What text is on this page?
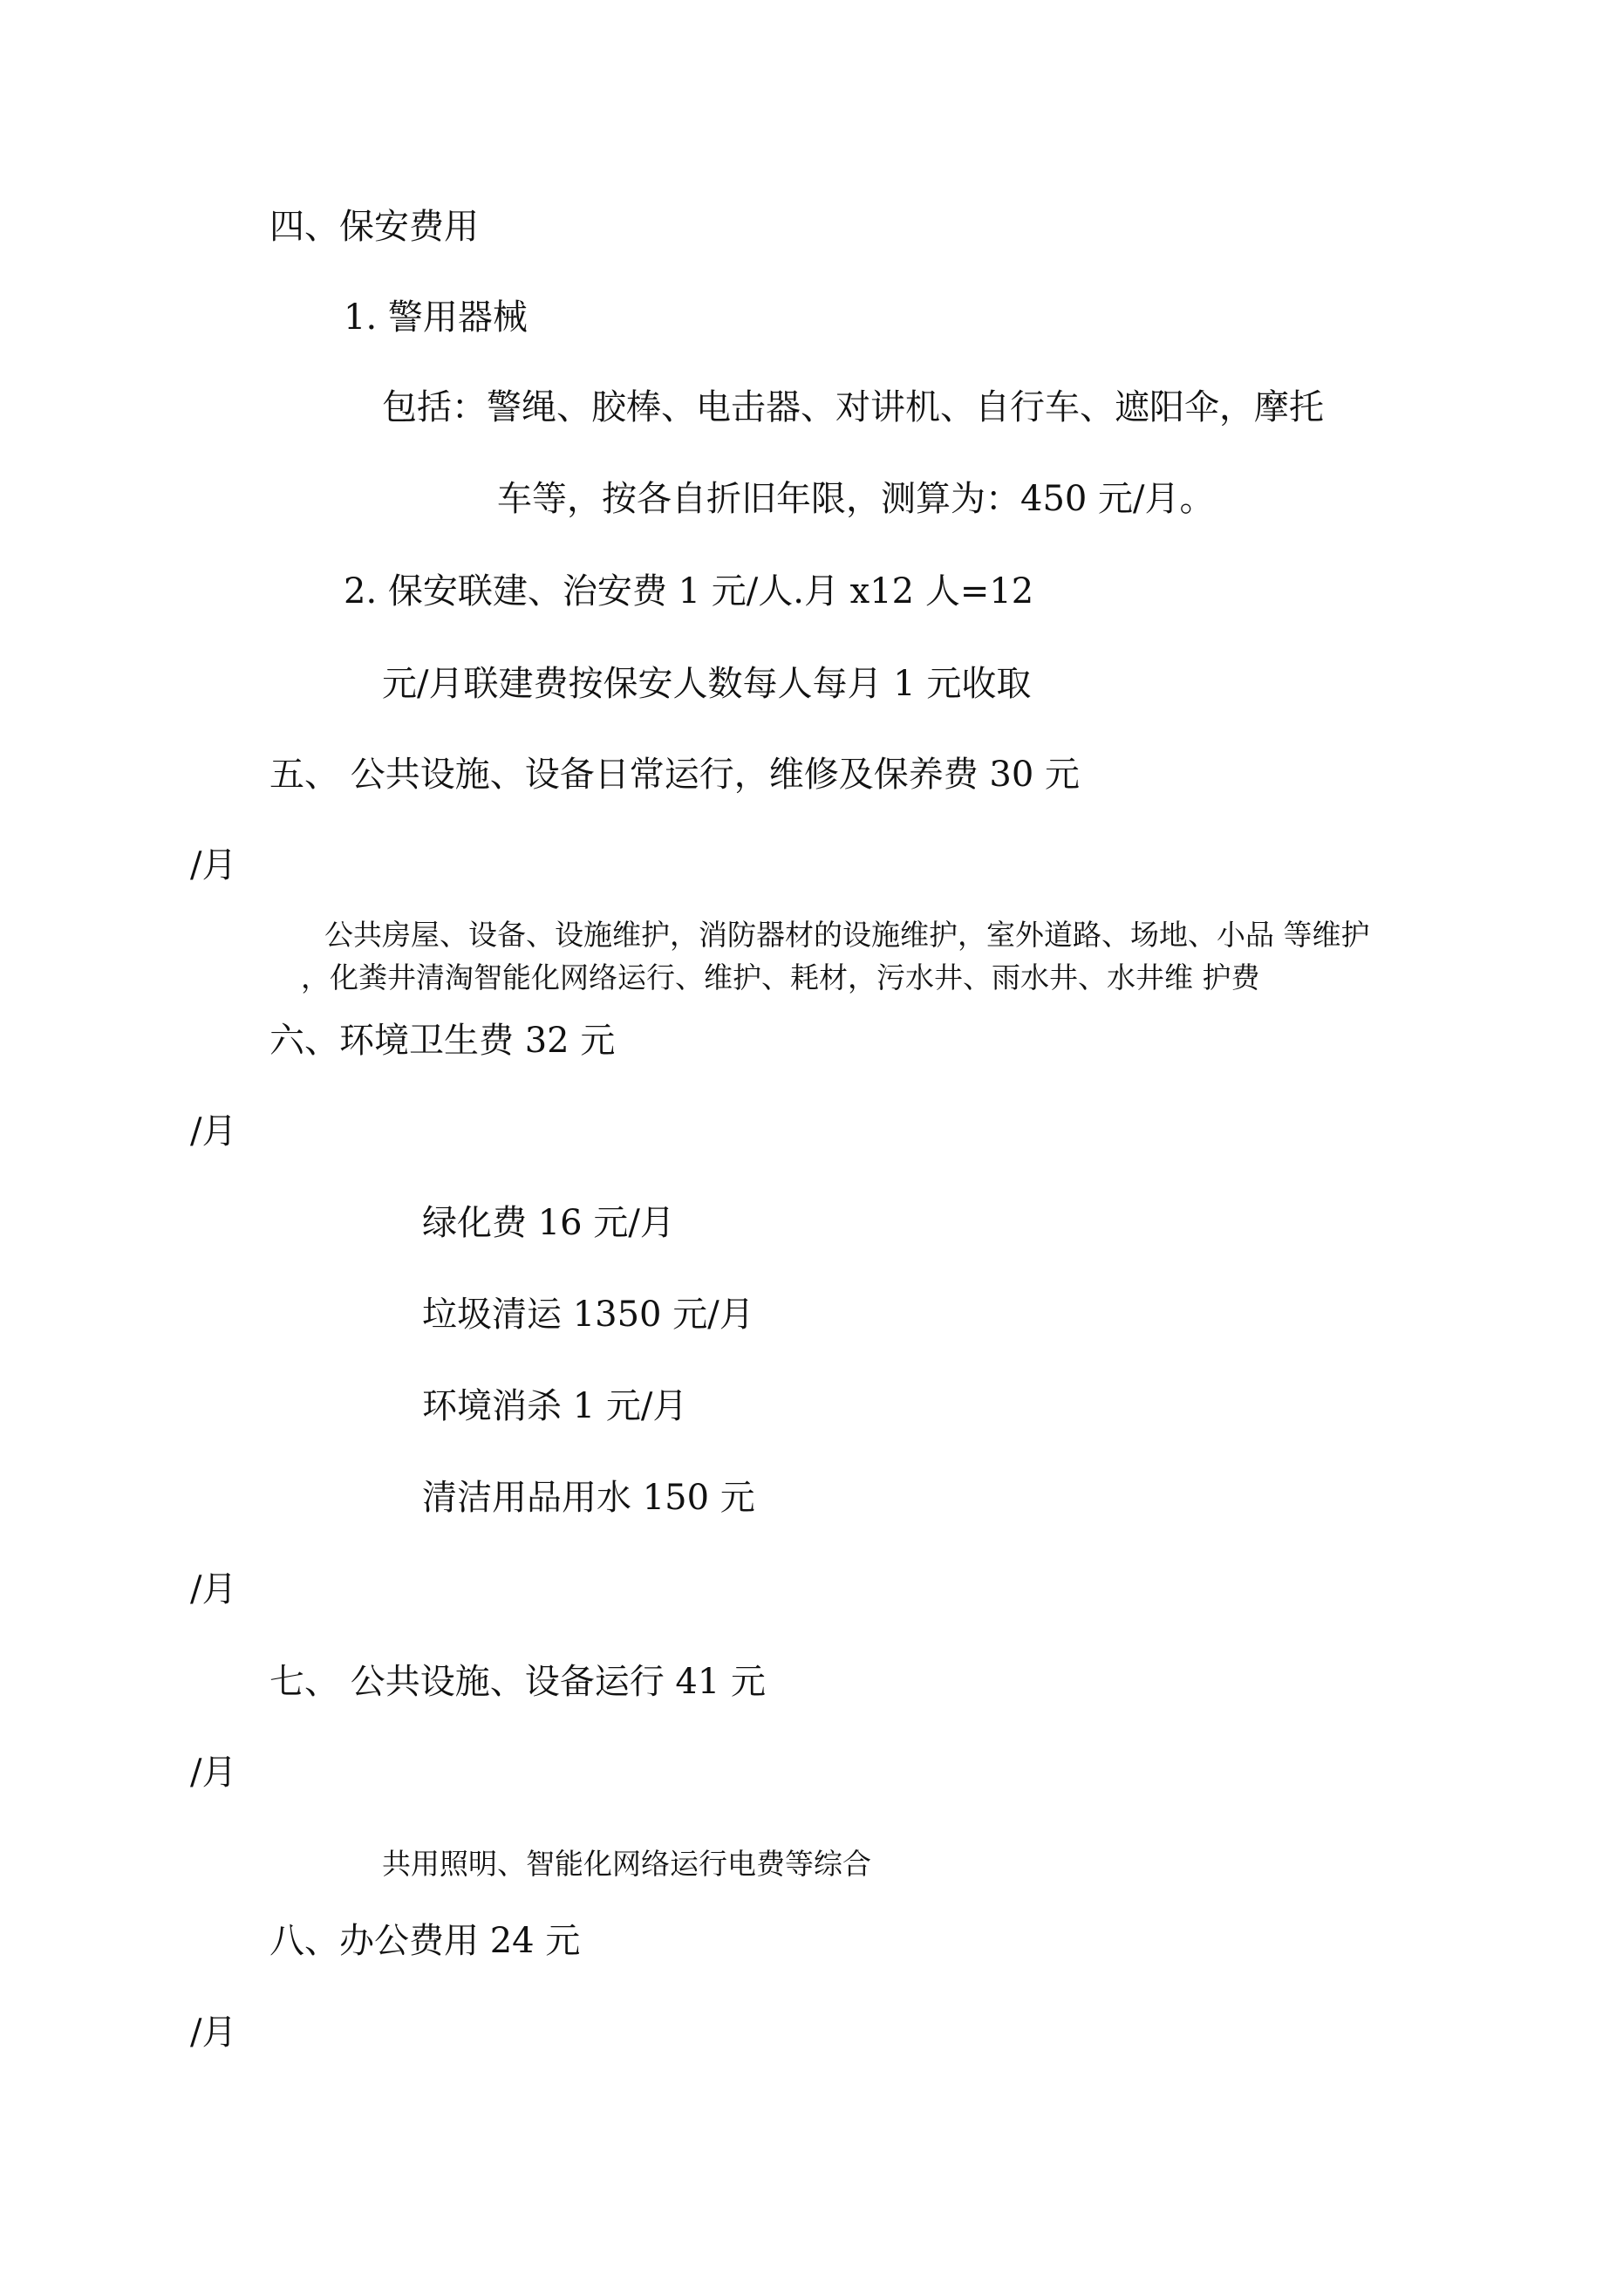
四、保安费用
1. 警用器械
包括：警绳、胶棒、电击器、对讲机、自行车、遮阳伞，摩托
车等，按各自折旧年限，测算为：450 元/月。
2. 保安联建、治安费 1 元/人.月 x12 人=12
元/月联建费按保安人数每人每月 1 元收取
五、 公共设施、设备日常运行，维修及保养费 30 元
/月
公共房屋、设备、设施维护，消防器材的设施维护，室外道路、场地、小品 等维护
，化粪井清淘智能化网络运行、维护、耗材，污水井、雨水井、水井维 护费
六、环境卫生费 32 元
/月
绿化费 16 元/月
垃圾清运 1350 元/月
环境消杀 1 元/月
清洁用品用水 150 元
/月
七、 公共设施、设备运行 41 元
/月
共用照明、智能化网络运行电费等综合
八、办公费用 24 元
/月
